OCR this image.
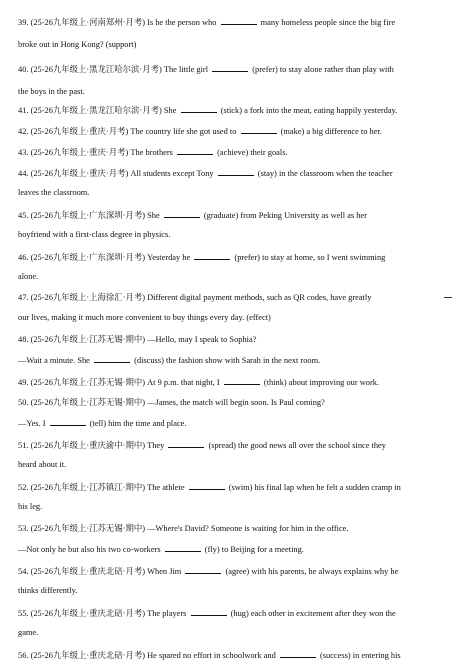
39. (25-26九年级上·河南郑州·月考) Is he the person who	many homeless people since the big fire
broke out in Hong Kong? (support)
40. (25-26九年级上·黑龙江哈尔滨·月考) The little girl	(prefer) to stay alone rather than play with
the boys in the past.
41. (25-26九年级上·黑龙江哈尔滨·月考) She	(stick) a fork into the meat, eating happily yesterday.
42. (25-26九年级上·重庆·月考) The country life she got used to	(make) a big difference to her.
43. (25-26九年级上·重庆·月考) The brothers	(achieve) their goals.
44. (25-26九年级上·重庆·月考) All students except Tony	(stay) in the classroom when the teacher
leaves the classroom.
45. (25-26九年级上·广东深圳·月考) She	(graduate) from Peking University as well as her
boyfriend with a first-class degree in physics.
46. (25-26九年级上·广东深圳·月考) Yesterday he	(prefer) to stay at home, so I went swimming
alone.
47. (25-26九年级上·上海徐汇·月考) Different digital payment methods, such as QR codes, have greatly
our lives, making it much more convenient to buy things every day. (effect)
48. (25-26九年级上·江苏无锡·期中) —Hello, may I speak to Sophia?
—Wait a minute. She	(discuss) the fashion show with Sarah in the next room.
49. (25-26九年级上·江苏无锡·期中) At 9 p.m. that night, I	(think) about improving our work.
50. (25-26九年级上·江苏无锡·期中) —James, the match will begin soon. Is Paul coming?
—Yes. I	(tell) him the time and place.
51. (25-26九年级上·重庆渝中·期中) They	(spread) the good news all over the school since they
heard about it.
52. (25-26九年级上·江苏镇江·期中) The athlete	(swim) his final lap when he felt a sudden cramp in
his leg.
53. (25-26九年级上·江苏无锡·期中) —Where's David? Someone is waiting for him in the office.
—Not only he but also his two co-workers	(fly) to Beijing for a meeting.
54. (25-26九年级上·重庆北碚·月考) When Jim	(agree) with his parents, he always explains why he
thinks differently.
55. (25-26九年级上·重庆北碚·月考) The players	(hug) each other in excitement after they won the
game.
56. (25-26九年级上·重庆北碚·月考) He spared no effort in schoolwork and	(success) in entering his
